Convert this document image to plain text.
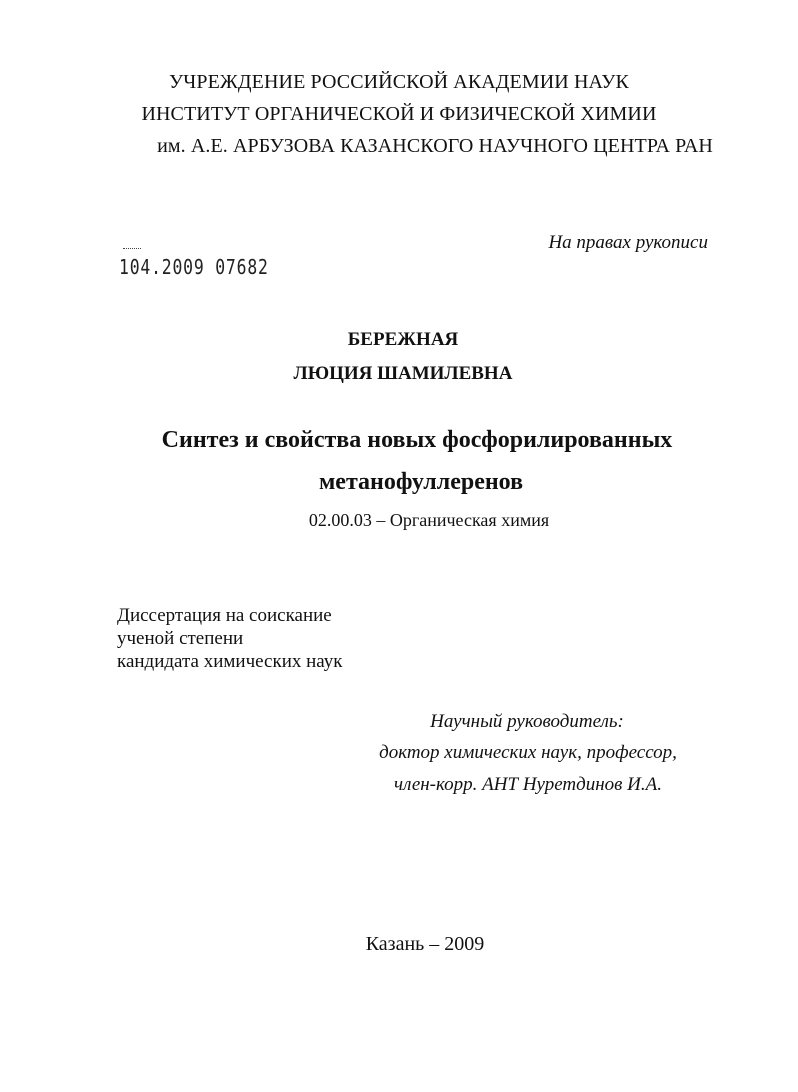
УЧРЕЖДЕНИЕ РОССИЙСКОЙ АКАДЕМИИ НАУК
ИНСТИТУТ ОРГАНИЧЕСКОЙ И ФИЗИЧЕСКОЙ ХИМИИ
им. А.Е. АРБУЗОВА КАЗАНСКОГО НАУЧНОГО ЦЕНТРА РАН
На правах рукописи
104.2009 07682
БЕРЕЖНАЯ
ЛЮЦИЯ ШАМИЛЕВНА
Синтез и свойства новых фосфорилированных
метанофуллеренов
02.00.03 – Органическая химия
Диссертация на соискание
ученой степени
кандидата химических наук
Научный руководитель:
доктор химических наук, профессор,
член-корр. АНТ Нуретдинов И.А.
Казань – 2009
